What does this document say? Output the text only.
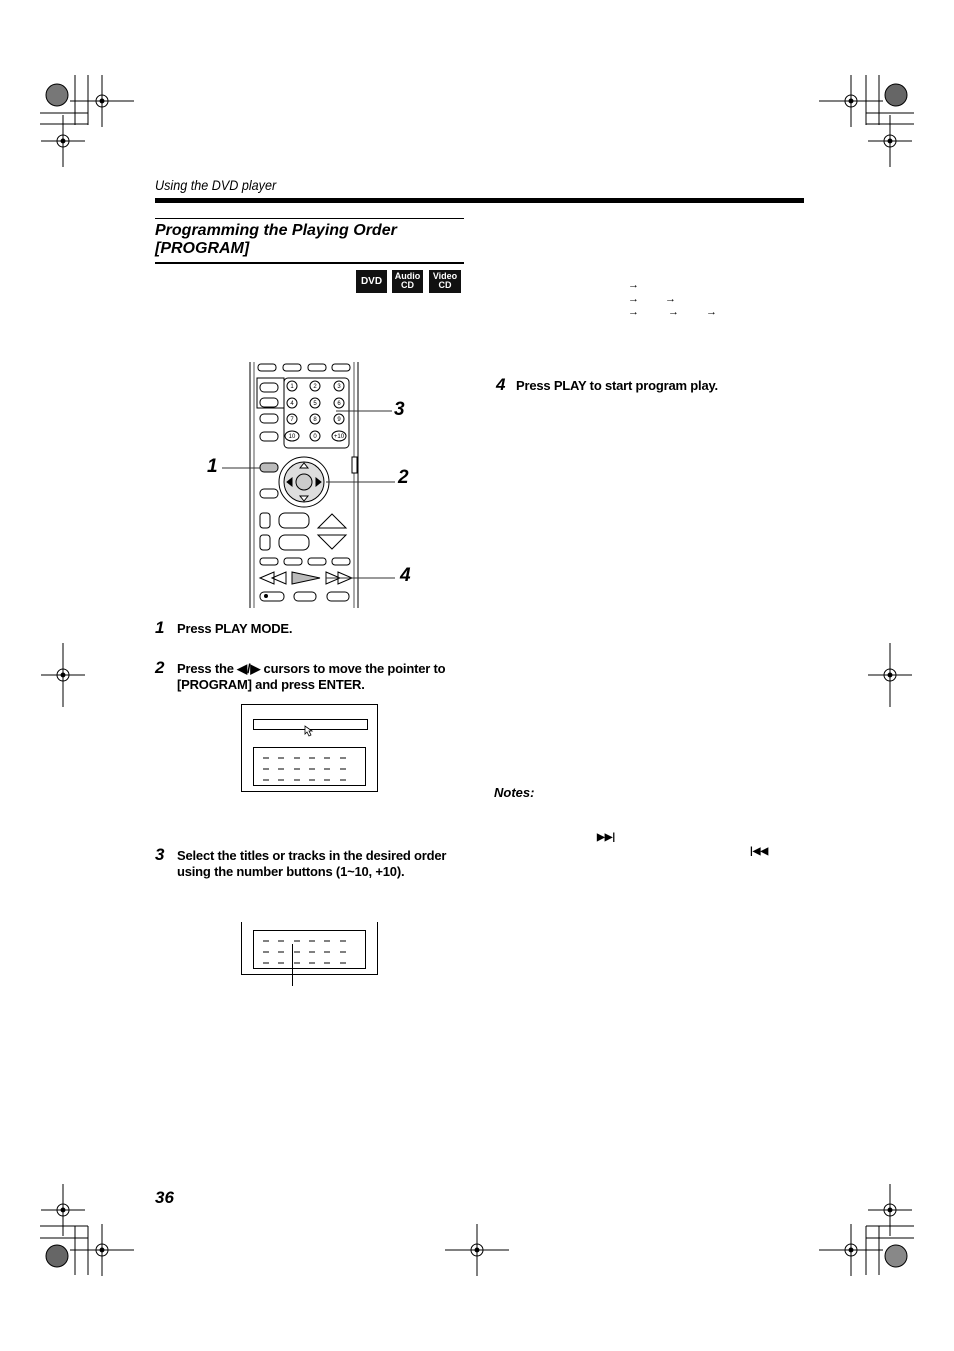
Using the DVD player
Programming the Playing Order [PROGRAM]
DVD	Audio
CD
Video
CD	→
→ →
→	→ →
1	2	3
4	5	6
7	8	9
10	0	+10
3
1
2
4
1 Press PLAY MODE.
2 Press the ◀/▶ cursors to move the pointer to [PROGRAM] and press ENTER.
3 Select the titles or tracks in the desired order using the number buttons (1~10, +10).
4 Press PLAY to start program play.
Notes:
▶▶|
|◀◀
36
